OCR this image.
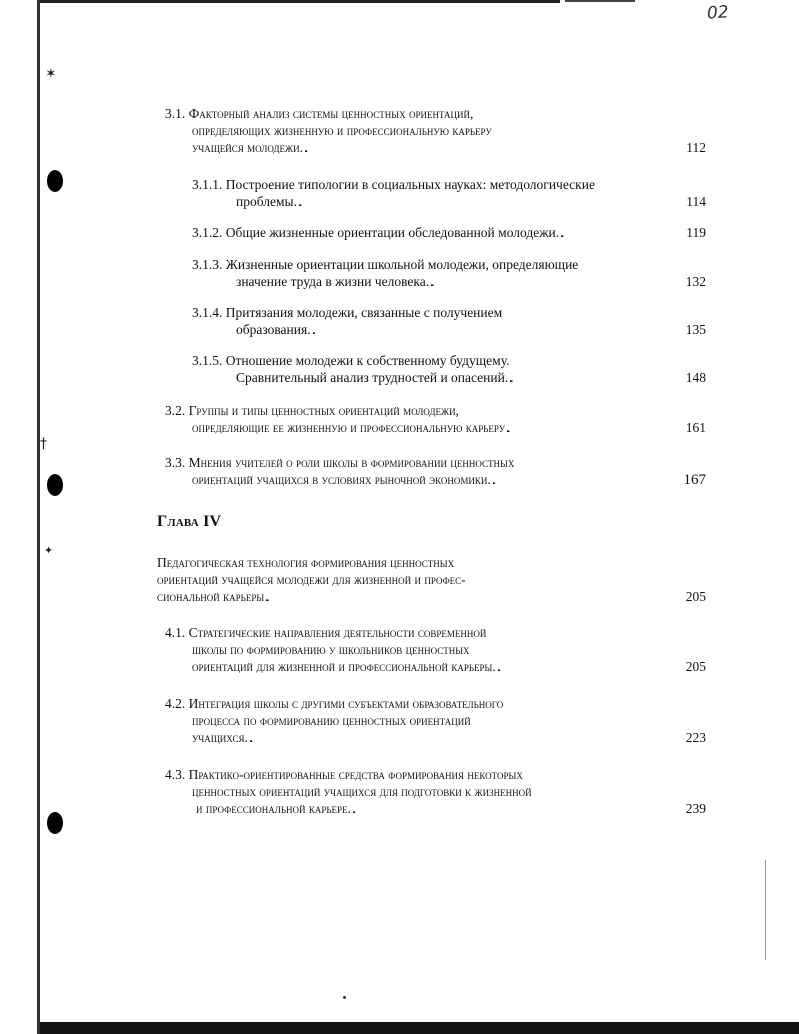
✶
†
✦
02
3.1. Факторный анализ системы ценностных ориентаций,
определяющих жизненную и профессиональную карьеру
учащейся молодежи. . . .	112
3.1.1. Построение типологии в социальных науках: методологические
проблемы. . . .	114
3.1.2. Общие жизненные ориентации обследованной молодежи. . . .	119
3.1.3. Жизненные ориентации школьной молодежи, определяющие
значение труда в жизни человека. . . .	132
3.1.4. Притязания молодежи, связанные с получением
образования. . . .	135
3.1.5. Отношение молодежи к собственному будущему.
Сравнительный анализ трудностей и опасений. . . .	148
3.2. Группы и типы ценностных ориентаций молодежи,
определяющие ее жизненную и профессиональную карьеру . . .	161
3.3. Мнения учителей о роли школы в формировании ценностных
ориентаций учащихся в условиях рыночной экономики. . . .	167
Глава IV
Педагогическая технология формирования ценностных
ориентаций учащейся молодежи для жизненной и профес-
сиональной карьеры . . .	205
4.1. Стратегические направления деятельности современной
школы по формированию у школьников ценностных
ориентаций для жизненной и профессиональной карьеры. . . .	205
4.2. Интеграция школы с другими субъектами образовательного
процесса по формированию ценностных ориентаций
учащихся. . . .	223
4.3. Практико-ориентированные средства формирования некоторых
ценностных ориентаций учащихся для подготовки к жизненной
и профессиональной карьере. . . .	239
